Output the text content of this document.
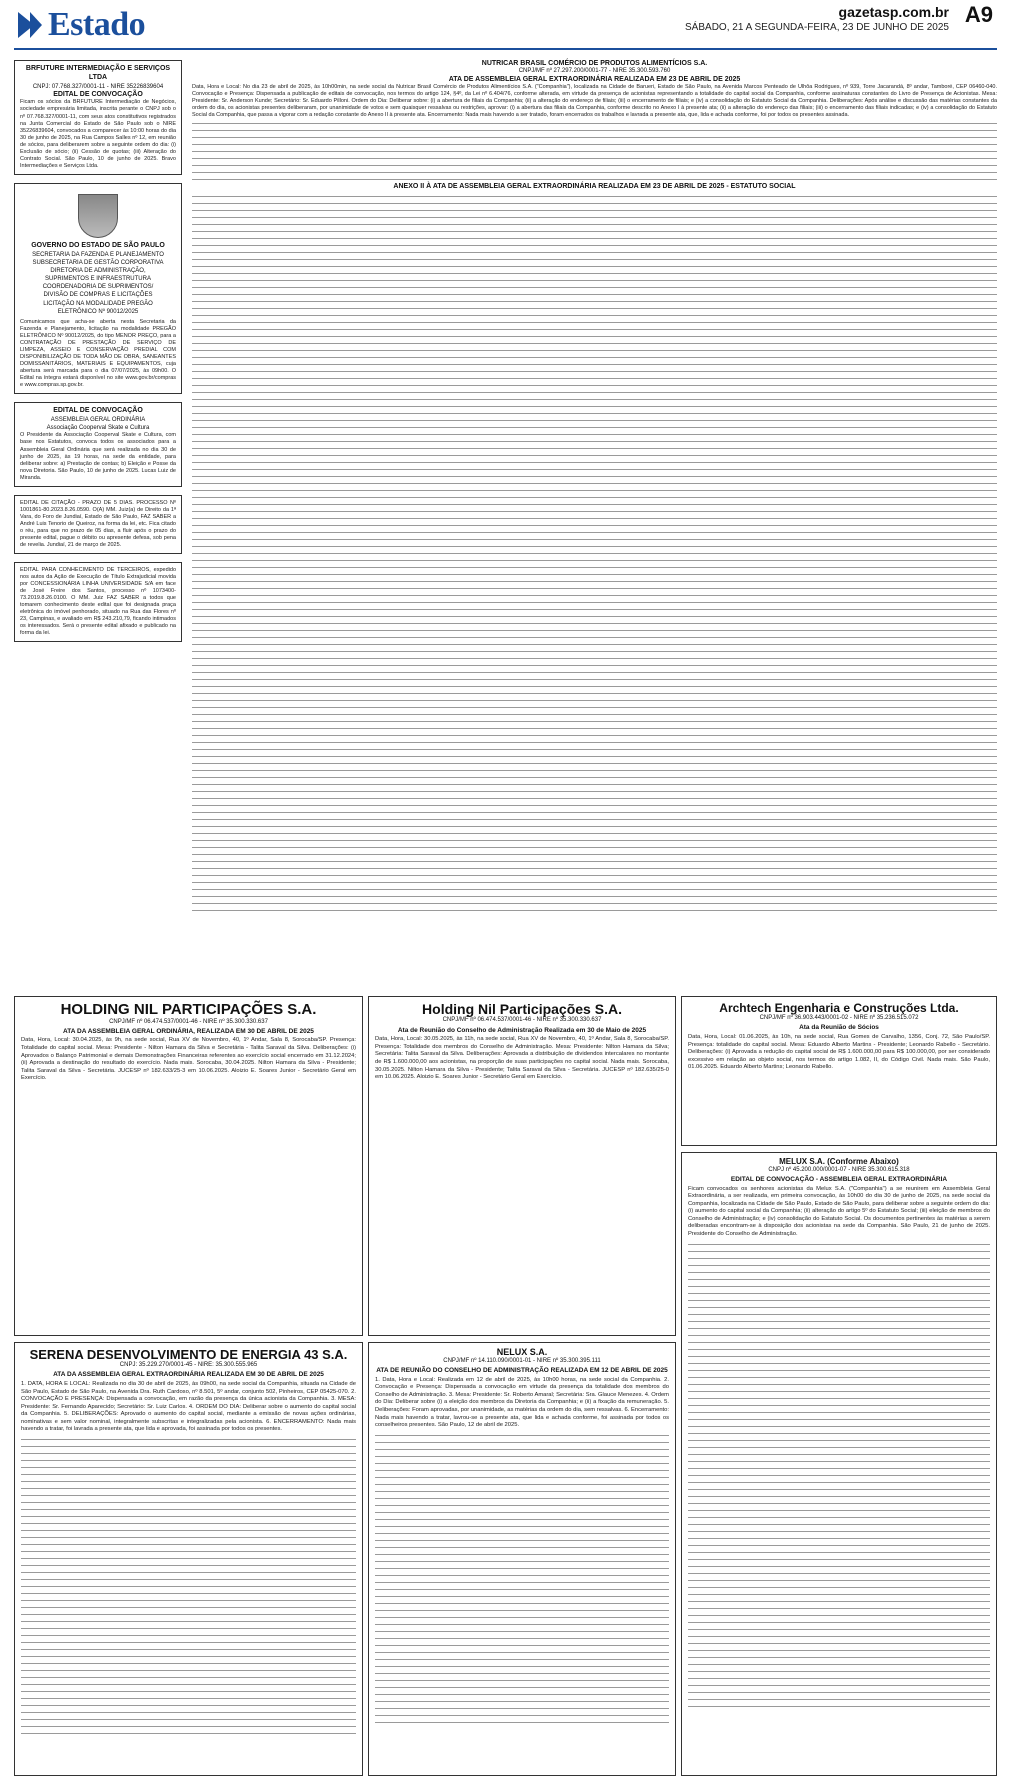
Estado	gazetasp.com.br
SÁBADO, 21 A SEGUNDA-FEIRA, 23 DE JUNHO DE 2025
A9
BRFUTURE INTERMEDIAÇÃO E SERVIÇOS LTDA
CNPJ: 07.768.327/0001-11 - NIRE 35226839604
EDITAL DE CONVOCAÇÃO
Ficam os sócios da BRFUTURE Intermediação de Negócios, sociedade empresária limitada, inscrita perante o CNPJ sob o nº 07.768.327/0001-11, com seus atos constitutivos registrados na Junta Comercial do Estado de São Paulo sob o NIRE 35226839604, convocados a comparecer às 10:00 horas do dia 30 de junho de 2025, na Rua Campos Salles nº 12, em reunião de sócios, para deliberarem sobre a seguinte ordem do dia: (i) Exclusão de sócio; (ii) Cessão de quotas; (iii) Alteração do Contrato Social. São Paulo, 10 de junho de 2025. Bravo Intermediações e Serviços Ltda.
GOVERNO DO ESTADO DE SÃO PAULO
SECRETARIA DA FAZENDA E PLANEJAMENTO
SUBSECRETARIA DE GESTÃO CORPORATIVA
DIRETORIA DE ADMINISTRAÇÃO,
SUPRIMENTOS E INFRAESTRUTURA
COORDENADORIA DE SUPRIMENTOS/
DIVISÃO DE COMPRAS E LICITAÇÕES
LICITAÇÃO NA MODALIDADE PREGÃO
ELETRÔNICO Nº 90012/2025
Comunicamos que acha-se aberta nesta Secretaria da Fazenda e Planejamento, licitação na modalidade PREGÃO ELETRÔNICO Nº 90012/2025, do tipo MENOR PREÇO, para a CONTRATAÇÃO DE PRESTAÇÃO DE SERVIÇO DE LIMPEZA, ASSEIO E CONSERVAÇÃO PREDIAL COM DISPONIBILIZAÇÃO DE TODA MÃO DE OBRA, SANEANTES DOMISSANITÁRIOS, MATERIAIS E EQUIPAMENTOS, cuja abertura será marcada para o dia 07/07/2025, às 09h00. O Edital na íntegra estará disponível no site www.gov.br/compras e www.compras.sp.gov.br.
EDITAL DE CONVOCAÇÃO
ASSEMBLEIA GERAL ORDINÁRIA
Associação Cooperval Skate e Cultura
O Presidente da Associação Cooperval Skate e Cultura, com base nos Estatutos, convoca todos os associados para a Assembleia Geral Ordinária que será realizada no dia 30 de junho de 2025, às 19 horas, na sede da entidade, para deliberar sobre: a) Prestação de contas; b) Eleição e Posse da nova Diretoria. São Paulo, 10 de junho de 2025. Lucas Luiz de Miranda.
EDITAL DE CITAÇÃO - PRAZO DE 5 DIAS. PROCESSO Nº 1001861-80.2023.8.26.0590. O(A) MM. Juiz(a) de Direito da 1ª Vara, do Foro de Jundiaí, Estado de São Paulo, FAZ SABER a André Luis Tenorio de Queiroz, na forma da lei, etc. Fica citado o réu, para que no prazo de 05 dias, a fluir após o prazo do presente edital, pague o débito ou apresente defesa, sob pena de revelia. Jundiaí, 21 de março de 2025.
EDITAL PARA CONHECIMENTO DE TERCEIROS, expedido nos autos da Ação de Execução de Título Extrajudicial movida por CONCESSIONÁRIA LINHA UNIVERSIDADE S/A em face de José Freire dos Santos, processo nº 1073400-73.2019.8.26.0100. O MM. Juiz FAZ SABER a todos que tomarem conhecimento deste edital que foi designada praça eletrônica do imóvel penhorado, situado na Rua das Flores nº 23, Campinas, e avaliado em R$ 243.210,79, ficando intimados os interessados. Será o presente edital afixado e publicado na forma da lei.
NUTRICAR BRASIL COMÉRCIO DE PRODUTOS ALIMENTÍCIOS S.A.
CNPJ/MF nº 27.297.200/0001-77 - NIRE 35.300.593.760
ATA DE ASSEMBLEIA GERAL EXTRAORDINÁRIA REALIZADA EM 23 DE ABRIL DE 2025
Data, Hora e Local: No dia 23 de abril de 2025, às 10h00min, na sede social da Nutricar Brasil Comércio de Produtos Alimentícios S.A. ("Companhia"), localizada na Cidade de Barueri, Estado de São Paulo, na Avenida Marcos Penteado de Ulhôa Rodrigues, nº 939, Torre Jacarandá, 8º andar, Tamboré, CEP 06460-040. Convocação e Presença: Dispensada a publicação de editais de convocação, nos termos do artigo 124, §4º, da Lei nº 6.404/76, conforme alterada, em virtude da presença de acionistas representando a totalidade do capital social da Companhia, conforme assinaturas constantes do Livro de Presença de Acionistas. Mesa: Presidente: Sr. Anderson Kunde; Secretário: Sr. Eduardo Pilloni. Ordem do Dia: Deliberar sobre: (i) a abertura de filiais da Companhia; (ii) a alteração do endereço de filiais; (iii) o encerramento de filiais; e (iv) a consolidação do Estatuto Social da Companhia. Deliberações: Após análise e discussão das matérias constantes da ordem do dia, os acionistas presentes deliberaram, por unanimidade de votos e sem quaisquer ressalvas ou restrições, aprovar: (i) a abertura das filiais da Companhia, conforme descrito no Anexo I à presente ata; (ii) a alteração do endereço das filiais; (iii) o encerramento das filiais indicadas; e (iv) a consolidação do Estatuto Social da Companhia, que passa a vigorar com a redação constante do Anexo II à presente ata. Encerramento: Nada mais havendo a ser tratado, foram encerrados os trabalhos e lavrada a presente ata, que, lida e achada conforme, foi por todos os presentes assinada.
ANEXO II À ATA DE ASSEMBLEIA GERAL EXTRAORDINÁRIA REALIZADA EM 23 DE ABRIL DE 2025 - ESTATUTO SOCIAL
HOLDING NIL PARTICIPAÇÕES S.A.
CNPJ/MF nº 06.474.537/0001-46 - NIRE nº 35.300.330.637
ATA DA ASSEMBLEIA GERAL ORDINÁRIA, REALIZADA EM 30 DE ABRIL DE 2025
Data, Hora, Local: 30.04.2025, às 9h, na sede social, Rua XV de Novembro, 40, 1º Andar, Sala 8, Sorocaba/SP. Presença: Totalidade do capital social. Mesa: Presidente - Nilton Hamara da Silva e Secretária - Talita Saraval da Silva. Deliberações: (i) Aprovados o Balanço Patrimonial e demais Demonstrações Financeiras referentes ao exercício social encerrado em 31.12.2024; (ii) Aprovada a destinação do resultado do exercício. Nada mais. Sorocaba, 30.04.2025. Nilton Hamara da Silva - Presidente; Talita Saraval da Silva - Secretária. JUCESP nº 182.633/25-3 em 10.06.2025. Aloizio E. Soares Junior - Secretário Geral em Exercício.
Holding Nil Participações S.A.
CNPJ/MF nº 06.474.537/0001-46 - NIRE nº 35.300.330.637
Ata de Reunião do Conselho de Administração Realizada em 30 de Maio de 2025
Data, Hora, Local: 30.05.2025, às 11h, na sede social, Rua XV de Novembro, 40, 1º Andar, Sala 8, Sorocaba/SP. Presença: Totalidade dos membros do Conselho de Administração. Mesa: Presidente: Nilton Hamara da Silva; Secretária: Talita Saraval da Silva. Deliberações: Aprovada a distribuição de dividendos intercalares no montante de R$ 1.600.000,00 aos acionistas, na proporção de suas participações no capital social. Nada mais. Sorocaba, 30.05.2025. Nilton Hamara da Silva - Presidente; Talita Saraval da Silva - Secretária. JUCESP nº 182.635/25-0 em 10.06.2025. Aloizio E. Soares Junior - Secretário Geral em Exercício.
Archtech Engenharia e Construções Ltda.
CNPJ/MF nº 36.903.443/0001-02 - NIRE nº 35.236.515.072
Ata da Reunião de Sócios
Data, Hora, Local: 01.06.2025, às 10h, na sede social, Rua Gomes de Carvalho, 1356, Conj. 72, São Paulo/SP. Presença: totalidade do capital social. Mesa: Eduardo Alberto Martins - Presidente; Leonardo Rabello - Secretário. Deliberações: (i) Aprovada a redução do capital social de R$ 1.600.000,00 para R$ 100.000,00, por ser considerado excessivo em relação ao objeto social, nos termos do artigo 1.082, II, do Código Civil. Nada mais. São Paulo, 01.06.2025. Eduardo Alberto Martins; Leonardo Rabello.
SERENA DESENVOLVIMENTO DE ENERGIA 43 S.A.
CNPJ: 35.229.270/0001-45 - NIRE: 35.300.555.965
ATA DA ASSEMBLEIA GERAL EXTRAORDINÁRIA REALIZADA EM 30 DE ABRIL DE 2025
1. DATA, HORA E LOCAL: Realizada no dia 30 de abril de 2025, às 09h00, na sede social da Companhia, situada na Cidade de São Paulo, Estado de São Paulo, na Avenida Dra. Ruth Cardoso, nº 8.501, 5º andar, conjunto 502, Pinheiros, CEP 05425-070. 2. CONVOCAÇÃO E PRESENÇA: Dispensada a convocação, em razão da presença da única acionista da Companhia. 3. MESA: Presidente: Sr. Fernando Aparecido; Secretário: Sr. Luiz Carlos. 4. ORDEM DO DIA: Deliberar sobre o aumento do capital social da Companhia. 5. DELIBERAÇÕES: Aprovado o aumento do capital social, mediante a emissão de novas ações ordinárias, nominativas e sem valor nominal, integralmente subscritas e integralizadas pela acionista. 6. ENCERRAMENTO: Nada mais havendo a tratar, foi lavrada a presente ata, que lida e aprovada, foi assinada por todos os presentes.
NELUX S.A.
CNPJ/MF nº 14.110.090/0001-01 - NIRE nº 35.300.395.111
ATA DE REUNIÃO DO CONSELHO DE ADMINISTRAÇÃO REALIZADA EM 12 DE ABRIL DE 2025
1. Data, Hora e Local: Realizada em 12 de abril de 2025, às 10h00 horas, na sede social da Companhia. 2. Convocação e Presença: Dispensada a convocação em virtude da presença da totalidade dos membros do Conselho de Administração. 3. Mesa: Presidente: Sr. Roberto Amaral; Secretária: Sra. Glauce Menezes. 4. Ordem do Dia: Deliberar sobre (i) a eleição dos membros da Diretoria da Companhia; e (ii) a fixação da remuneração. 5. Deliberações: Foram aprovadas, por unanimidade, as matérias da ordem do dia, sem ressalvas. 6. Encerramento: Nada mais havendo a tratar, lavrou-se a presente ata, que lida e achada conforme, foi assinada por todos os conselheiros presentes. São Paulo, 12 de abril de 2025.
MELUX S.A. (Conforme Abaixo)
CNPJ nº 45.200.000/0001-07 - NIRE 35.300.615.318
EDITAL DE CONVOCAÇÃO - ASSEMBLEIA GERAL EXTRAORDINÁRIA
Ficam convocados os senhores acionistas da Melux S.A. ("Companhia") a se reunirem em Assembleia Geral Extraordinária, a ser realizada, em primeira convocação, às 10h00 do dia 30 de junho de 2025, na sede social da Companhia, localizada na Cidade de São Paulo, Estado de São Paulo, para deliberar sobre a seguinte ordem do dia: (i) aumento do capital social da Companhia; (ii) alteração do artigo 5º do Estatuto Social; (iii) eleição de membros do Conselho de Administração; e (iv) consolidação do Estatuto Social. Os documentos pertinentes às matérias a serem deliberadas encontram-se à disposição dos acionistas na sede da Companhia. São Paulo, 21 de junho de 2025. Presidente do Conselho de Administração.
